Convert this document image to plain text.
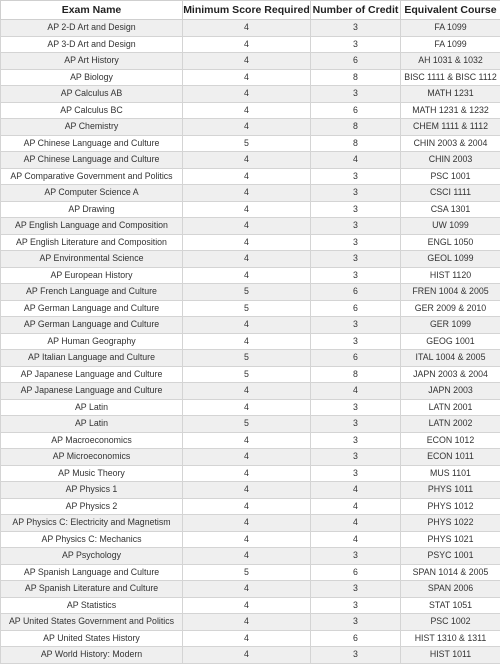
Exam Name	Minimum Score Required	Number of Credit	Equivalent Course
AP 2-D Art and Design	4	3	FA 1099
AP 3-D Art and Design	4	3	FA 1099
AP Art History	4	6	AH 1031 & 1032
AP Biology	4	8	BISC 1111 & BISC 1112
AP Calculus AB	4	3	MATH 1231
AP Calculus BC	4	6	MATH 1231 & 1232
AP Chemistry	4	8	CHEM 1111 & 1112
AP Chinese Language and Culture	5	8	CHIN 2003 & 2004
AP Chinese Language and Culture	4	4	CHIN 2003
AP Comparative Government and Politics	4	3	PSC 1001
AP Computer Science A	4	3	CSCI 1111
AP Drawing	4	3	CSA 1301
AP English Language and Composition	4	3	UW 1099
AP English Literature and Composition	4	3	ENGL 1050
AP Environmental Science	4	3	GEOL 1099
AP European History	4	3	HIST 1120
AP French Language and Culture	5	6	FREN 1004 & 2005
AP German Language and Culture	5	6	GER 2009 & 2010
AP German Language and Culture	4	3	GER 1099
AP Human Geography	4	3	GEOG 1001
AP Italian Language and Culture	5	6	ITAL 1004 & 2005
AP Japanese Language and Culture	5	8	JAPN 2003 & 2004
AP Japanese Language and Culture	4	4	JAPN 2003
AP Latin	4	3	LATN 2001
AP Latin	5	3	LATN 2002
AP Macroeconomics	4	3	ECON 1012
AP Microeconomics	4	3	ECON 1011
AP Music Theory	4	3	MUS 1101
AP Physics 1	4	4	PHYS 1011
AP Physics 2	4	4	PHYS 1012
AP Physics C: Electricity and Magnetism	4	4	PHYS 1022
AP Physics C: Mechanics	4	4	PHYS 1021
AP Psychology	4	3	PSYC 1001
AP Spanish Language and Culture	5	6	SPAN 1014 & 2005
AP Spanish Literature and Culture	4	3	SPAN 2006
AP Statistics	4	3	STAT 1051
AP United States Government and Politics	4	3	PSC 1002
AP United States History	4	6	HIST 1310 & 1311
AP World History: Modern	4	3	HIST 1011
